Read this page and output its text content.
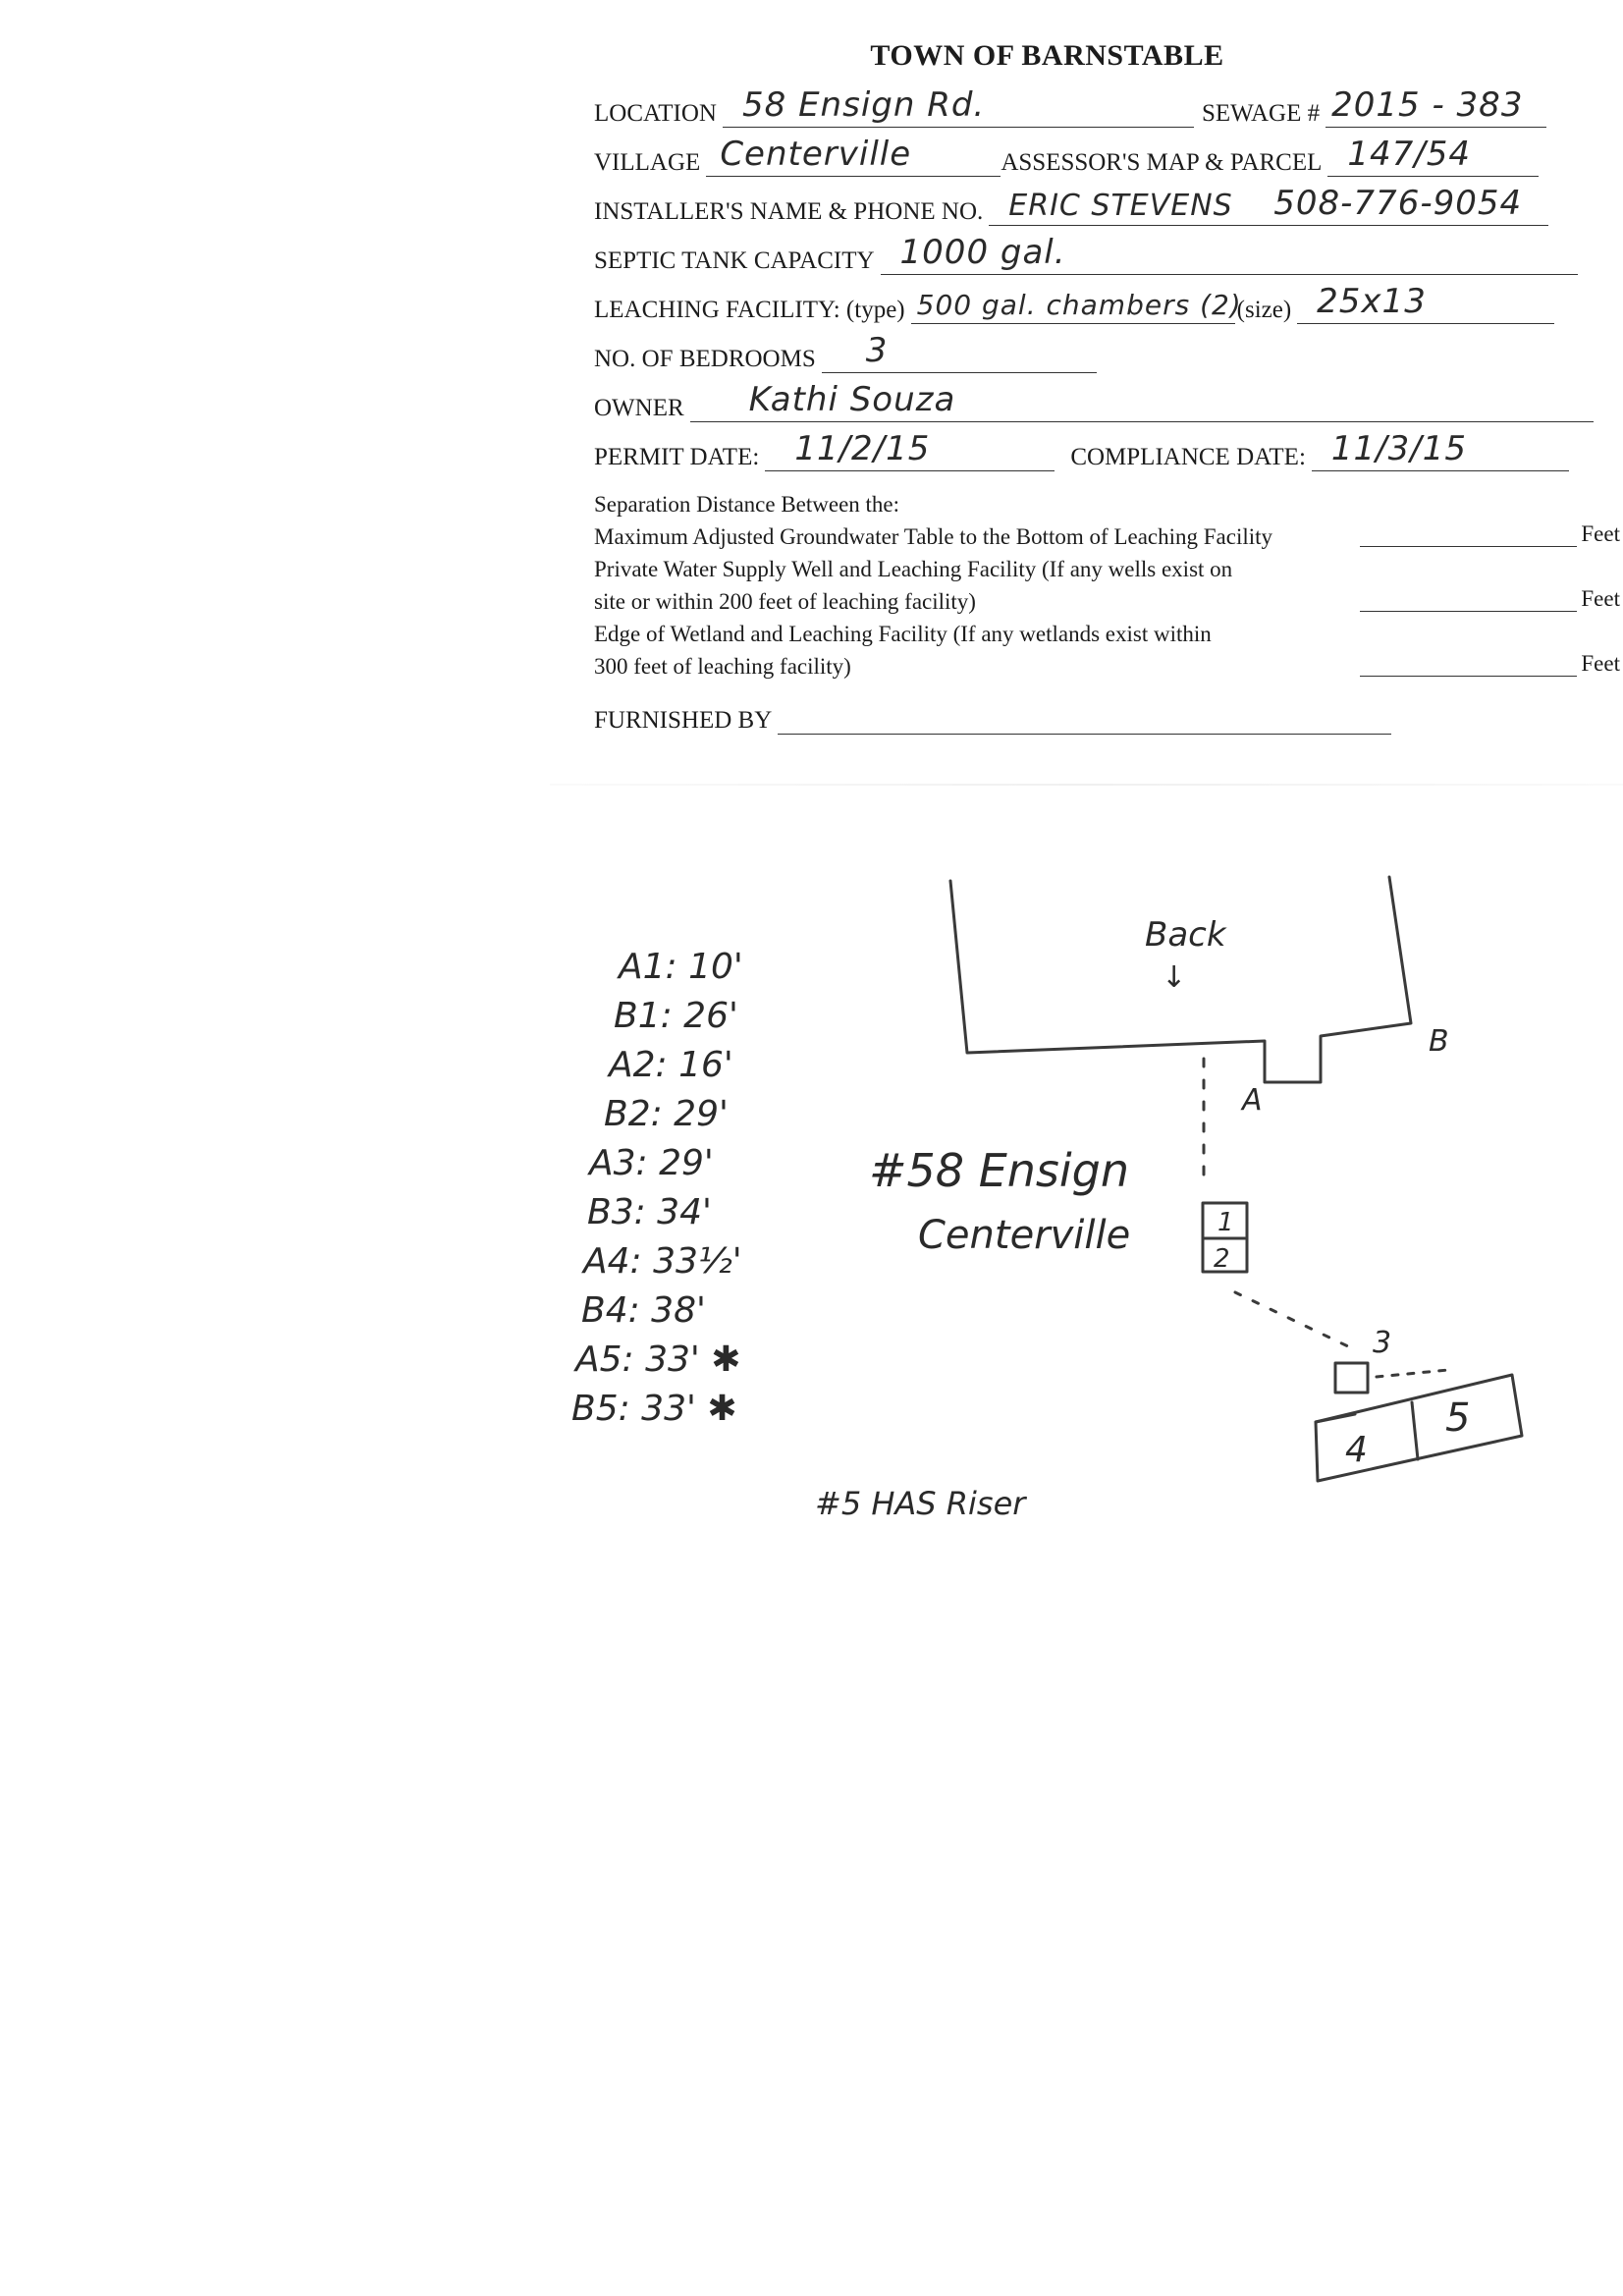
TOWN OF BARNSTABLE
LOCATION 58 Ensign Rd.	SEWAGE # 2015 - 383
VILLAGE Centerville	ASSESSOR'S MAP & PARCEL 147/54
INSTALLER'S NAME & PHONE NO. ERIC STEVENS 508-776-9054
SEPTIC TANK CAPACITY 1000 gal.
LEACHING FACILITY: (type) 500 gal. chambers (2)
(size) 25x13
NO. OF BEDROOMS 3
OWNER Kathi Souza
PERMIT DATE: 11/2/15	COMPLIANCE DATE: 11/3/15
Separation Distance Between the:
Maximum Adjusted Groundwater Table to the Bottom of Leaching Facility
Private Water Supply Well and Leaching Facility (If any wells exist on
site or within 200 feet of leaching facility)
Edge of Wetland and Leaching Facility (If any wetlands exist within
300 feet of leaching facility)
Feet
Feet
Feet
FURNISHED BY
Back
↓
A
B
1
2
3
4
5
A1: 10'
B1: 26'
A2: 16'
B2: 29'
A3: 29'
B3: 34'
A4: 33½'
B4: 38'
A5: 33' ✱
B5: 33' ✱
#58 Ensign
Centerville
#5 HAS Riser
